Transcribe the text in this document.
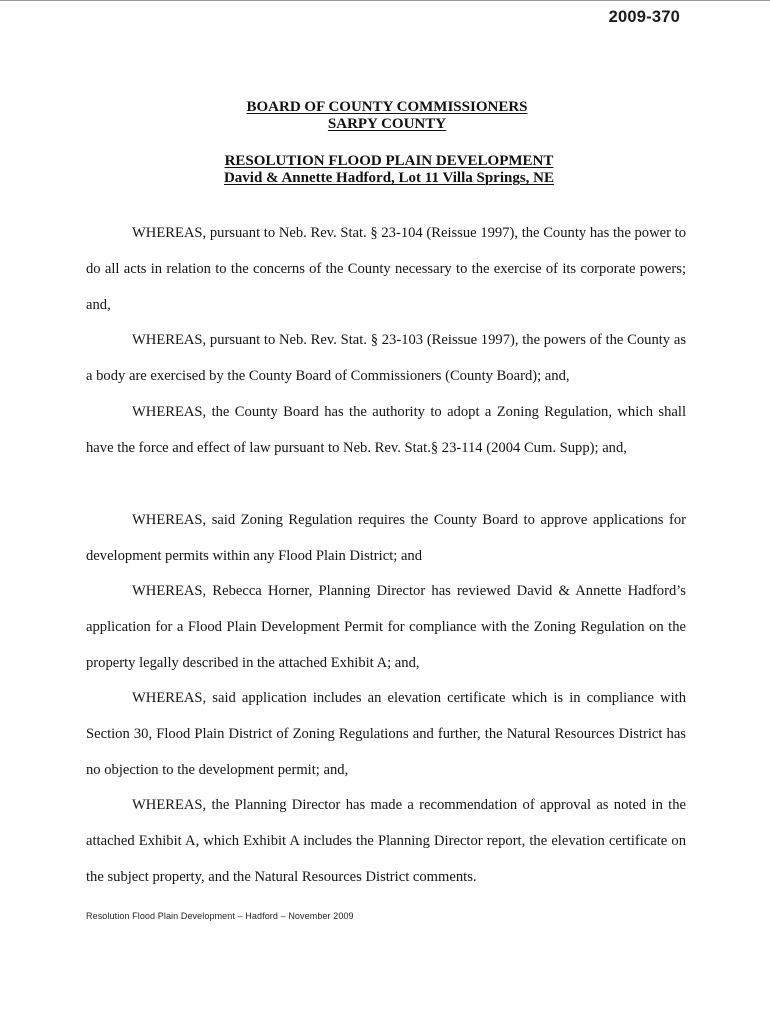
2009-370
BOARD OF COUNTY COMMISSIONERS
SARPY COUNTY
RESOLUTION FLOOD PLAIN DEVELOPMENT
David & Annette Hadford, Lot 11 Villa Springs, NE
WHEREAS, pursuant to Neb. Rev. Stat. § 23-104 (Reissue 1997), the County has the power to do all acts in relation to the concerns of the County necessary to the exercise of its corporate powers; and,
WHEREAS, pursuant to Neb. Rev. Stat. § 23-103 (Reissue 1997), the powers of the County as a body are exercised by the County Board of Commissioners (County Board); and,
WHEREAS, the County Board has the authority to adopt a Zoning Regulation, which shall have the force and effect of law pursuant to Neb. Rev. Stat.§ 23-114 (2004 Cum. Supp); and,
WHEREAS, said Zoning Regulation requires the County Board to approve applications for development permits within any Flood Plain District; and
WHEREAS, Rebecca Horner, Planning Director has reviewed David & Annette Hadford’s application for a Flood Plain Development Permit for compliance with the Zoning Regulation on the property legally described in the attached Exhibit A; and,
WHEREAS, said application includes an elevation certificate which is in compliance with Section 30, Flood Plain District of Zoning Regulations and further, the Natural Resources District has no objection to the development permit; and,
WHEREAS, the Planning Director has made a recommendation of approval as noted in the attached Exhibit A, which Exhibit A includes the Planning Director report, the elevation certificate on the subject property, and the Natural Resources District comments.
Resolution Flood Plain Development – Hadford – November 2009
